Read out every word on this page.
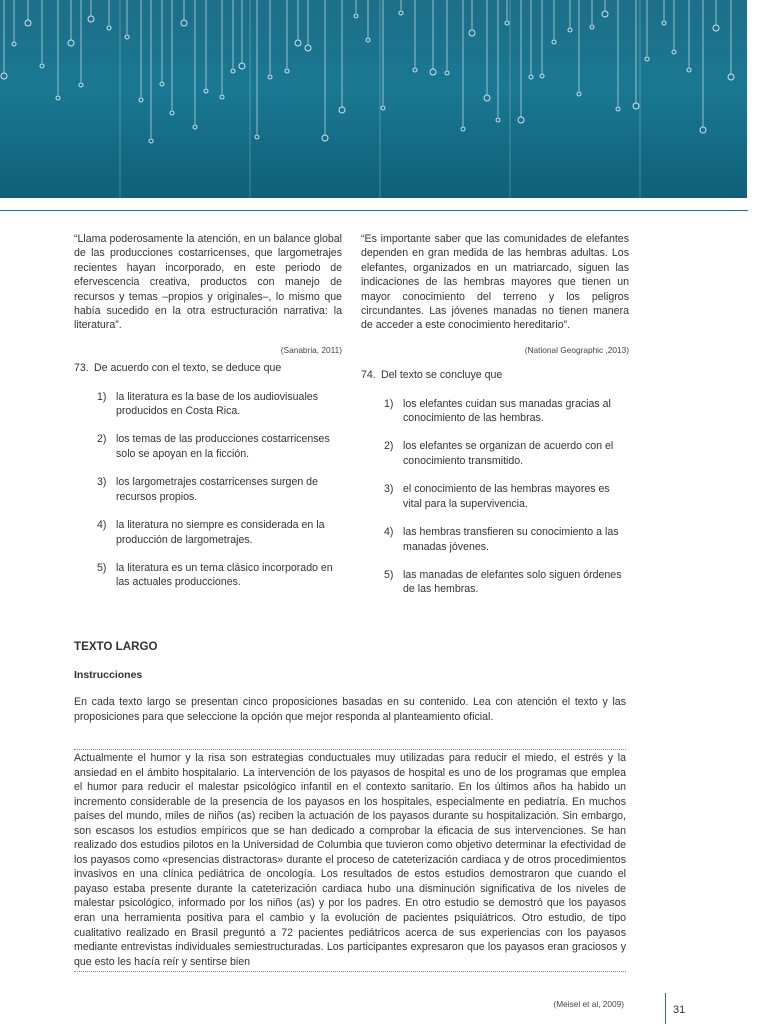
“Llama poderosamente la atención, en un balance global de las producciones costarricenses, que largometrajes recientes hayan incorporado, en este periodo de efervescencia creativa, productos con manejo de recursos y temas –propios y originales–, lo mismo que había sucedido en la otra estructuración narrativa: la literatura”.

(Sanabria, 2011)
73. De acuerdo con el texto, se deduce que
1) la literatura es la base de los audiovisuales producidos en Costa Rica.
2) los temas de las producciones costarricenses solo se apoyan en la ficción.
3) los largometrajes costarricenses surgen de recursos propios.
4) la literatura no siempre es considerada en la producción de largometrajes.
5) la literatura es un tema clásico incorporado en las actuales producciones.

“Es importante saber que las comunidades de elefantes dependen en gran medida de las hembras adultas. Los elefantes, organizados en un matriarcado, siguen las indicaciones de las hembras mayores que tienen un mayor conocimiento del terreno y los peligros circundantes. Las jóvenes manadas no tienen manera de acceder a este conocimiento hereditario”.

(National Geographic ,2013)
74. Del texto se concluye que
1) los elefantes cuidan sus manadas gracias al conocimiento de las hembras.
2) los elefantes se organizan de acuerdo con el conocimiento transmitido.
3) el conocimiento de las hembras mayores es vital para la supervivencia.
4) las hembras transfieren su conocimiento a las manadas jóvenes.
5) las manadas de elefantes solo siguen órdenes de las hembras.
TEXTO LARGO
Instrucciones
En cada texto largo se presentan cinco proposiciones basadas en su contenido. Lea con atención el texto y las proposiciones para que seleccione la opción que mejor responda al planteamiento oficial.
Actualmente el humor y la risa son estrategias conductuales muy utilizadas para reducir el miedo, el estrés y la ansiedad en el ámbito hospitalario. La intervención de los payasos de hospital es uno de los programas que emplea el humor para reducir el malestar psicológico infantil en el contexto sanitario. En los últimos años ha habido un incremento considerable de la presencia de los payasos en los hospitales, especialmente en pediatría. En muchos países del mundo, miles de niños (as) reciben la actuación de los payasos durante su hospitalización. Sin embargo, son escasos los estudios empíricos que se han dedicado a comprobar la eficacia de sus intervenciones. Se han realizado dos estudios pilotos en la Universidad de Columbia que tuvieron como objetivo determinar la efectividad de los payasos como «presencias distractoras» durante el proceso de cateterización cardiaca y de otros procedimientos invasivos en una clínica pediátrica de oncología. Los resultados de estos estudios demostraron que cuando el payaso estaba presente durante la cateterización cardiaca hubo una disminución significativa de los niveles de malestar psicológico, informado por los niños (as) y por los padres. En otro estudio se demostró que los payasos eran una herramienta positiva para el cambio y la evolución de pacientes psiquiátricos. Otro estudio, de tipo cualitativo realizado en Brasil preguntó a 72 pacientes pediátricos acerca de sus experiencias con los payasos mediante entrevistas individuales semiestructuradas. Los participantes expresaron que los payasos eran graciosos y que esto les hacía reír y sentirse bien
(Meisel et al, 2009)	31
